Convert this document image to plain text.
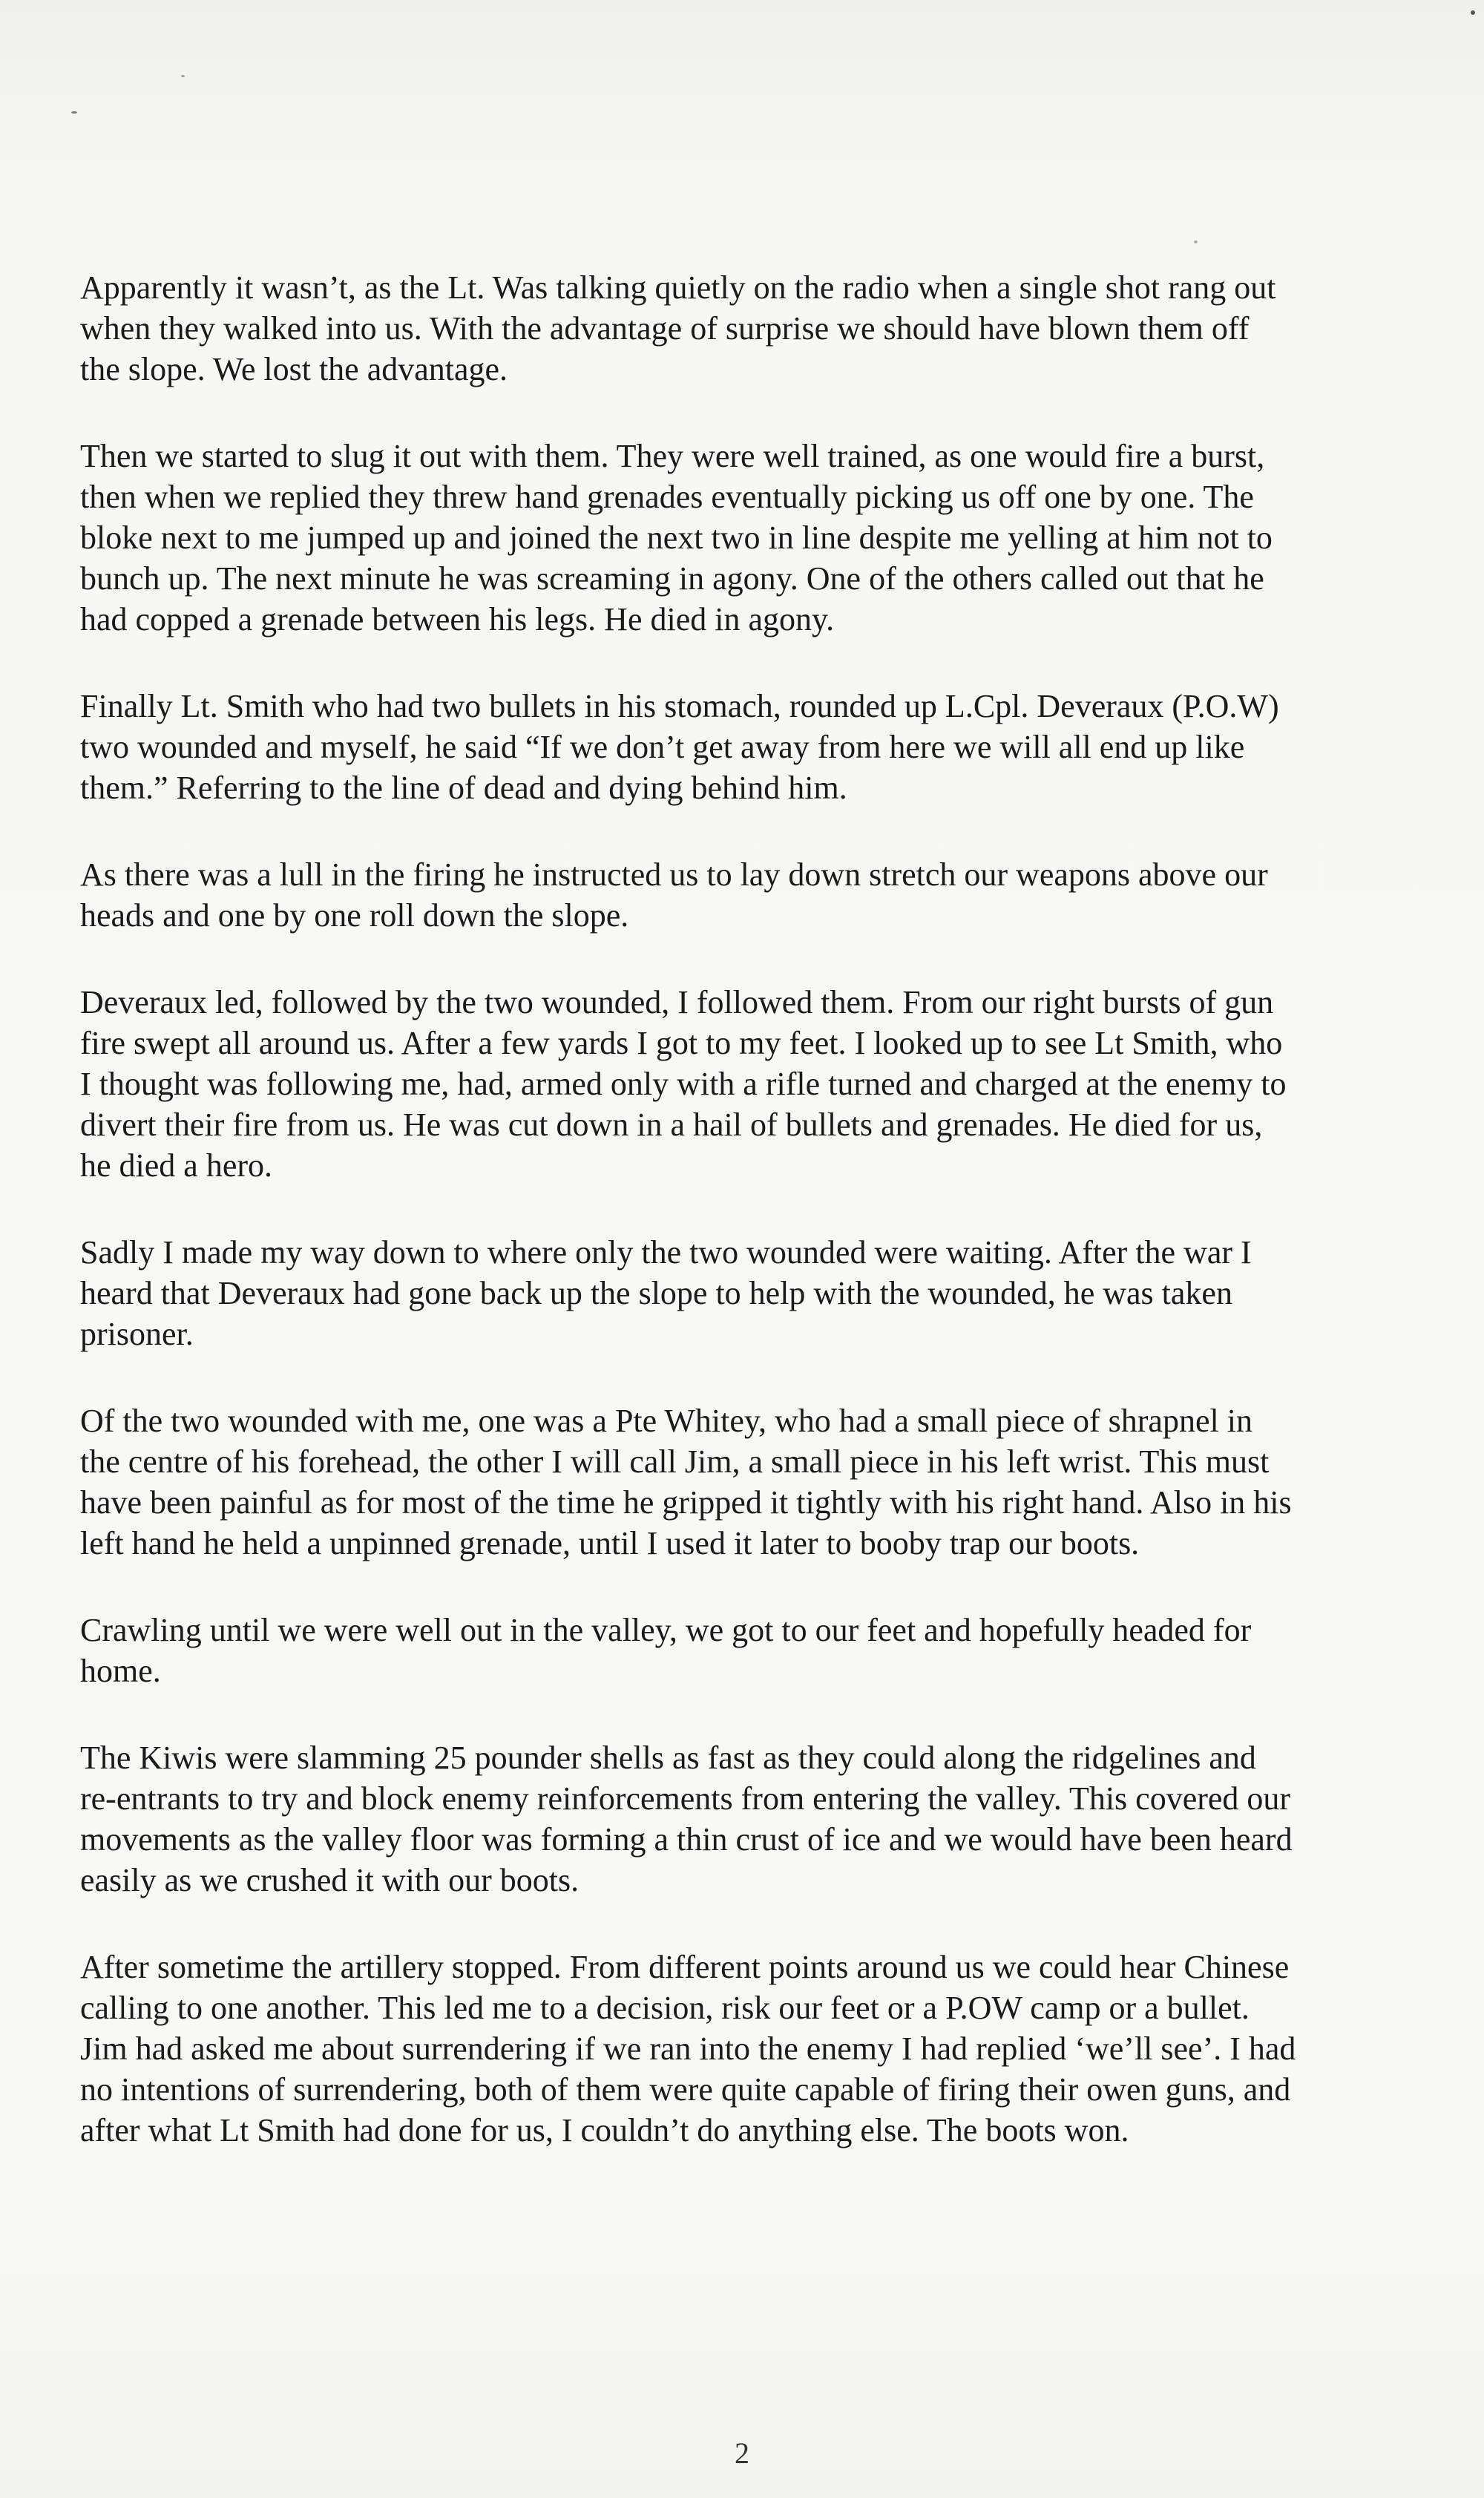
Apparently it wasn’t, as the Lt. Was talking quietly on the radio when a single shot rang out when they walked into us. With the advantage of surprise we should have blown them off the slope. We lost the advantage.

Then we started to slug it out with them. They were well trained, as one would fire a burst, then when we replied they threw hand grenades eventually picking us off one by one. The bloke next to me jumped up and joined the next two in line despite me yelling at him not to bunch up. The next minute he was screaming in agony. One of the others called out that he had copped a grenade between his legs. He died in agony.

Finally Lt. Smith who had two bullets in his stomach, rounded up L.Cpl. Deveraux (P.O.W) two wounded and myself, he said “If we don’t get away from here we will all end up like them.” Referring to the line of dead and dying behind him.

As there was a lull in the firing he instructed us to lay down stretch our weapons above our heads and one by one roll down the slope.

Deveraux led, followed by the two wounded, I followed them. From our right bursts of gun fire swept all around us. After a few yards I got to my feet. I looked up to see Lt Smith, who I thought was following me, had, armed only with a rifle turned and charged at the enemy to divert their fire from us. He was cut down in a hail of bullets and grenades. He died for us, he died a hero.

Sadly I made my way down to where only the two wounded were waiting. After the war I heard that Deveraux had gone back up the slope to help with the wounded, he was taken prisoner.

Of the two wounded with me, one was a Pte Whitey, who had a small piece of shrapnel in the centre of his forehead, the other I will call Jim, a small piece in his left wrist. This must have been painful as for most of the time he gripped it tightly with his right hand. Also in his left hand he held a unpinned grenade, until I used it later to booby trap our boots.

Crawling until we were well out in the valley, we got to our feet and hopefully headed for home.

The Kiwis were slamming 25 pounder shells as fast as they could along the ridgelines and re-entrants to try and block enemy reinforcements from entering the valley. This covered our movements as the valley floor was forming a thin crust of ice and we would have been heard easily as we crushed it with our boots.

After sometime the artillery stopped. From different points around us we could hear Chinese calling to one another. This led me to a decision, risk our feet or a P.OW camp or a bullet. Jim had asked me about surrendering if we ran into the enemy I had replied ‘we’ll see’. I had no intentions of surrendering, both of them were quite capable of firing their owen guns, and after what Lt Smith had done for us, I couldn’t do anything else. The boots won.

2
